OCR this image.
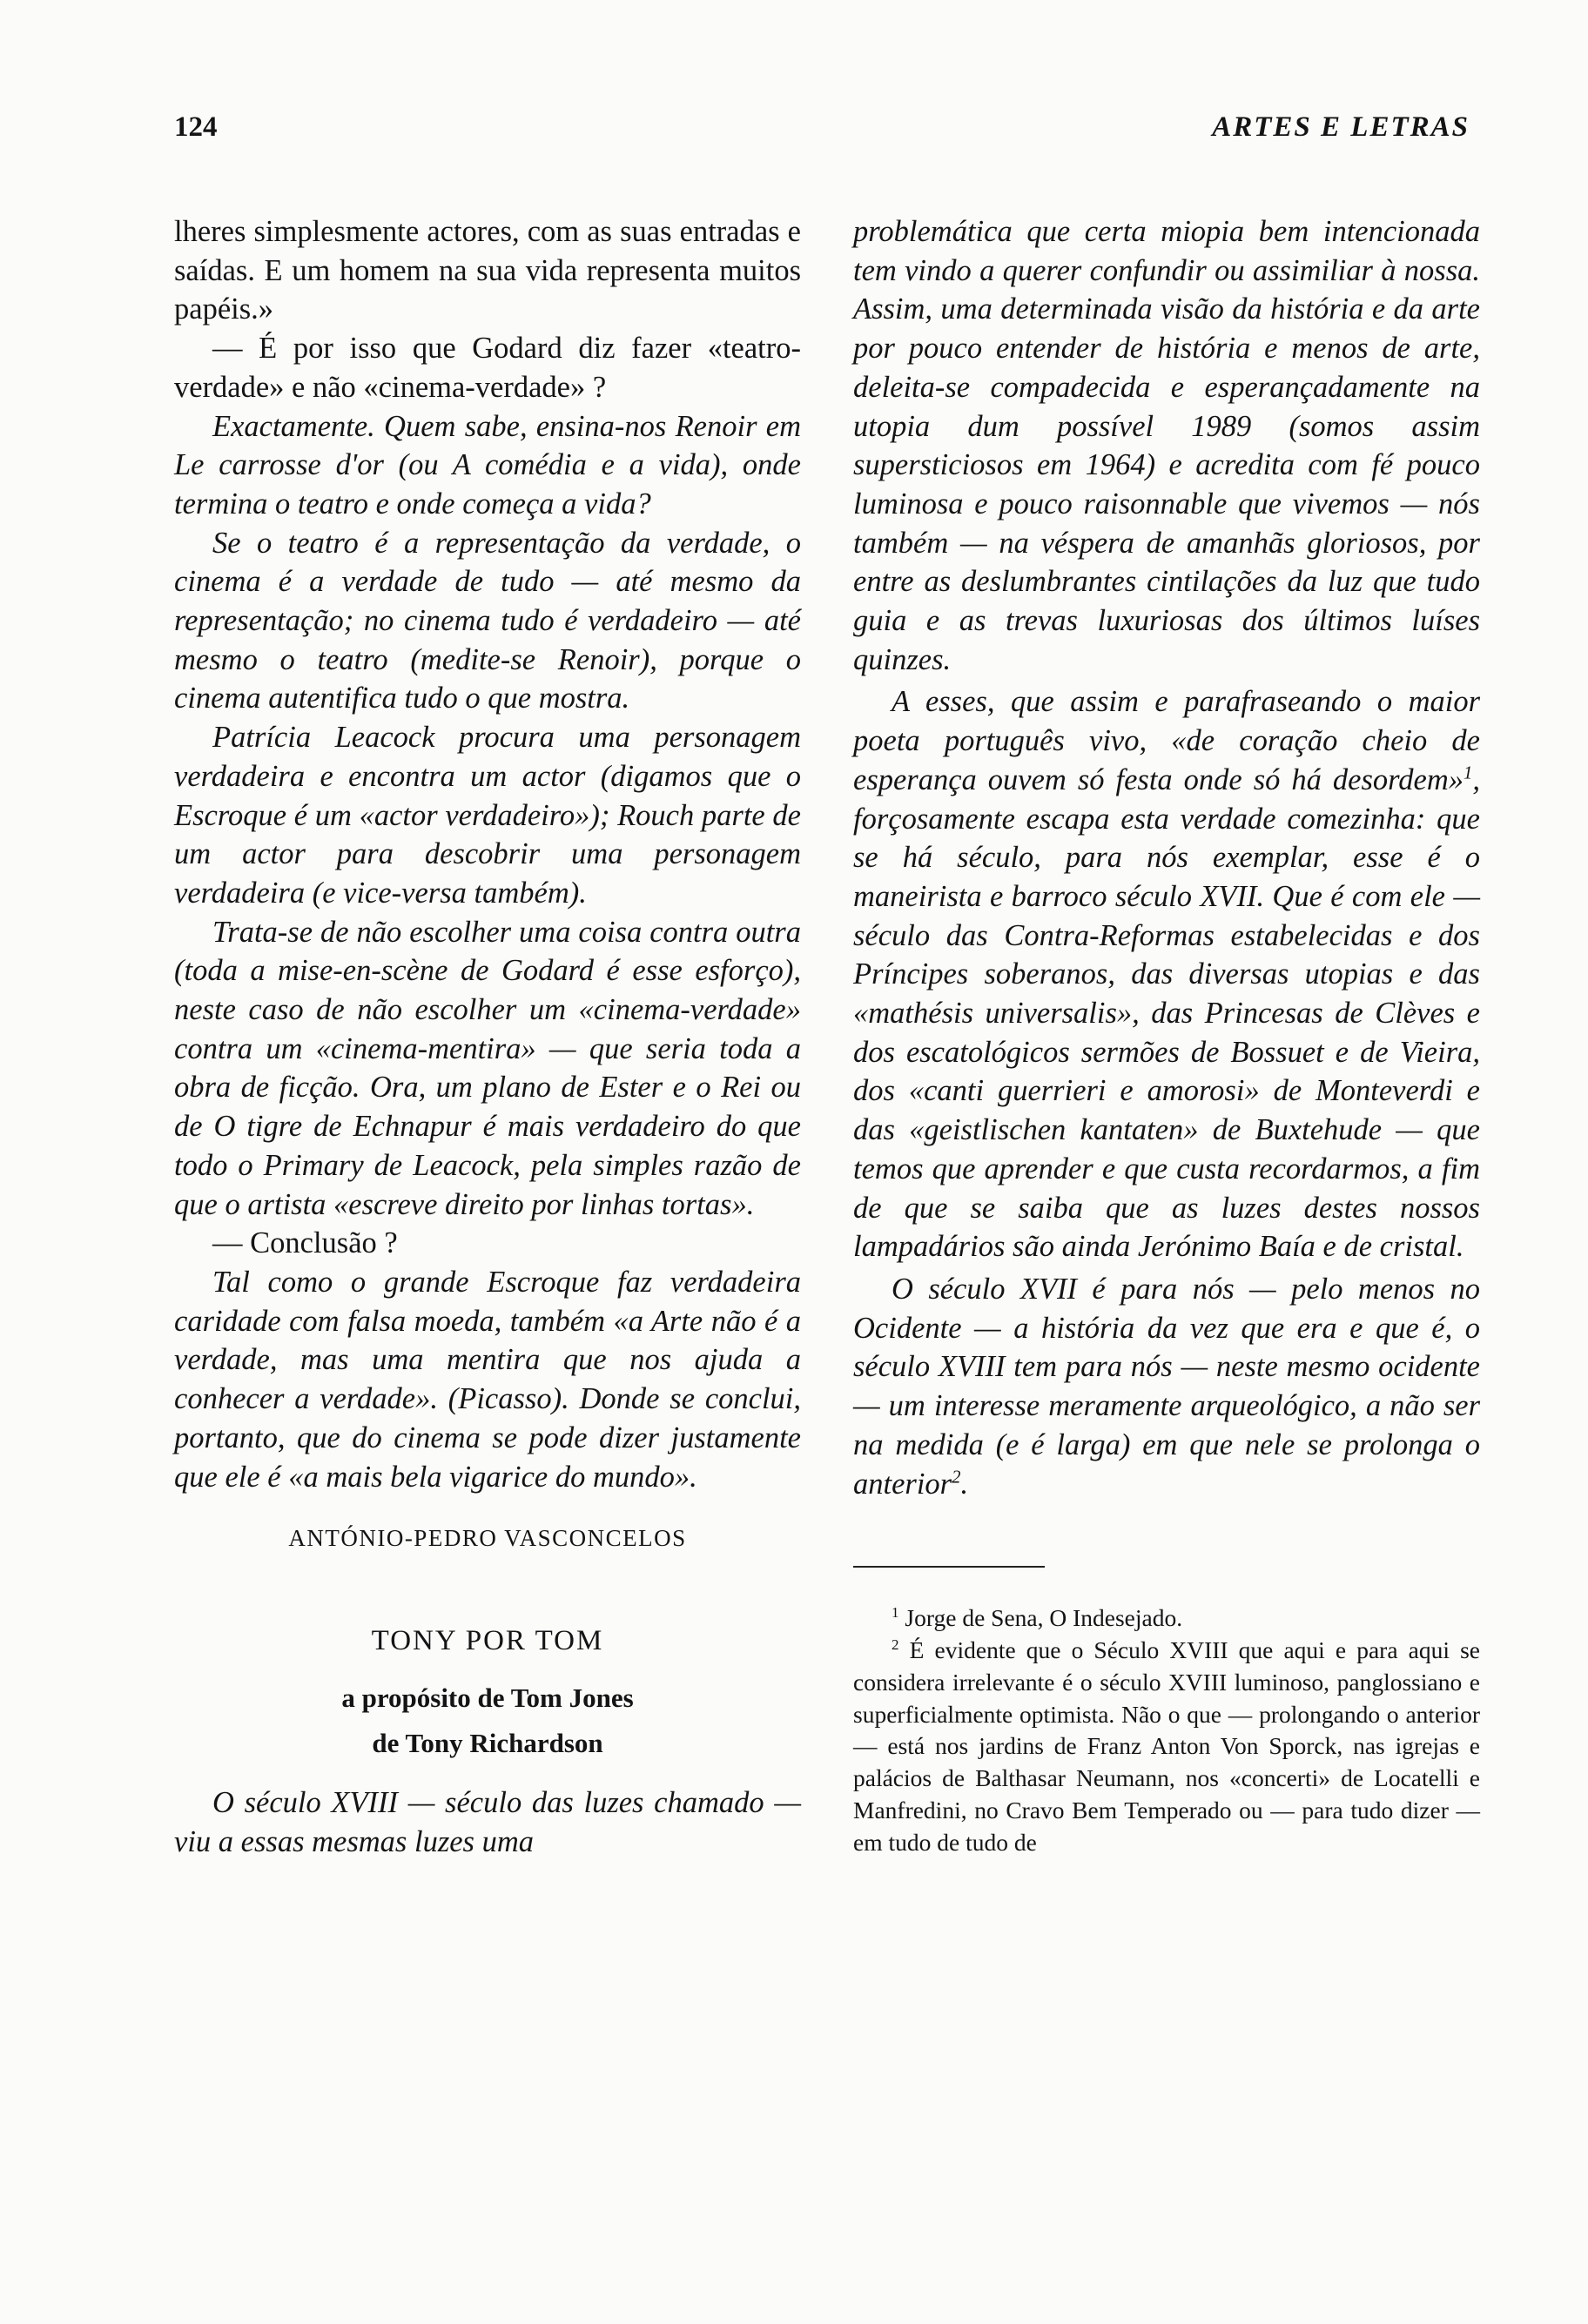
124	ARTES E LETRAS

lheres simplesmente actores, com as suas entradas e saídas. E um homem na sua vida representa muitos papéis.»

— É por isso que Godard diz fazer «teatro-verdade» e não «cinema-verdade» ?

Exactamente. Quem sabe, ensina-nos Renoir em Le carrosse d'or (ou A comédia e a vida), onde termina o teatro e onde começa a vida?

Se o teatro é a representação da verdade, o cinema é a verdade de tudo — até mesmo da representação; no cinema tudo é verdadeiro — até mesmo o teatro (medite-se Renoir), porque o cinema autentifica tudo o que mostra.

Patrícia Leacock procura uma personagem verdadeira e encontra um actor (digamos que o Escroque é um «actor verdadeiro»); Rouch parte de um actor para descobrir uma personagem verdadeira (e vice-versa também).

Trata-se de não escolher uma coisa contra outra (toda a mise-en-scène de Godard é esse esforço), neste caso de não escolher um «cinema-verdade» contra um «cinema-mentira» — que seria toda a obra de ficção. Ora, um plano de Ester e o Rei ou de O tigre de Echnapur é mais verdadeiro do que todo o Primary de Leacock, pela simples razão de que o artista «escreve direito por linhas tortas».

— Conclusão ?

Tal como o grande Escroque faz verdadeira caridade com falsa moeda, também «a Arte não é a verdade, mas uma mentira que nos ajuda a conhecer a verdade». (Picasso). Donde se conclui, portanto, que do cinema se pode dizer justamente que ele é «a mais bela vigarice do mundo».

ANTÓNIO-PEDRO VASCONCELOS
TONY POR TOM
a propósito de Tom Jones
de Tony Richardson

O século XVIII — século das luzes chamado — viu a essas mesmas luzes uma

problemática que certa miopia bem intencionada tem vindo a querer confundir ou assimiliar à nossa. Assim, uma determinada visão da história e da arte por pouco entender de história e menos de arte, deleita-se compadecida e esperançadamente na utopia dum possível 1989 (somos assim supersticiosos em 1964) e acredita com fé pouco luminosa e pouco raisonnable que vivemos — nós também — na véspera de amanhãs gloriosos, por entre as deslumbrantes cintilações da luz que tudo guia e as trevas luxuriosas dos últimos luíses quinzes.

A esses, que assim e parafraseando o maior poeta português vivo, «de coração cheio de esperança ouvem só festa onde só há desordem»$^1$, forçosamente escapa esta verdade comezinha: que se há século, para nós exemplar, esse é o maneirista e barroco século XVII. Que é com ele — século das Contra-Reformas estabelecidas e dos Príncipes soberanos, das diversas utopias e das «mathésis universalis», das Princesas de Clèves e dos escatológicos sermões de Bossuet e de Vieira, dos «canti guerrieri e amorosi» de Monteverdi e das «geistlischen kantaten» de Buxtehude — que temos que aprender e que custa recordarmos, a fim de que se saiba que as luzes destes nossos lampadários são ainda Jerónimo Baía e de cristal.

O século XVII é para nós — pelo menos no Ocidente — a história da vez que era e que é, o século XVIII tem para nós — neste mesmo ocidente — um interesse meramente arqueológico, a não ser na medida (e é larga) em que nele se prolonga o anterior$^2$.

$^1$ Jorge de Sena, O Indesejado.

$^2$ É evidente que o Século XVIII que aqui e para aqui se considera irrelevante é o século XVIII luminoso, panglossiano e superficialmente optimista. Não o que — prolongando o anterior — está nos jardins de Franz Anton Von Sporck, nas igrejas e palácios de Balthasar Neumann, nos «concerti» de Locatelli e Manfredini, no Cravo Bem Temperado ou — para tudo dizer — em tudo de tudo de
